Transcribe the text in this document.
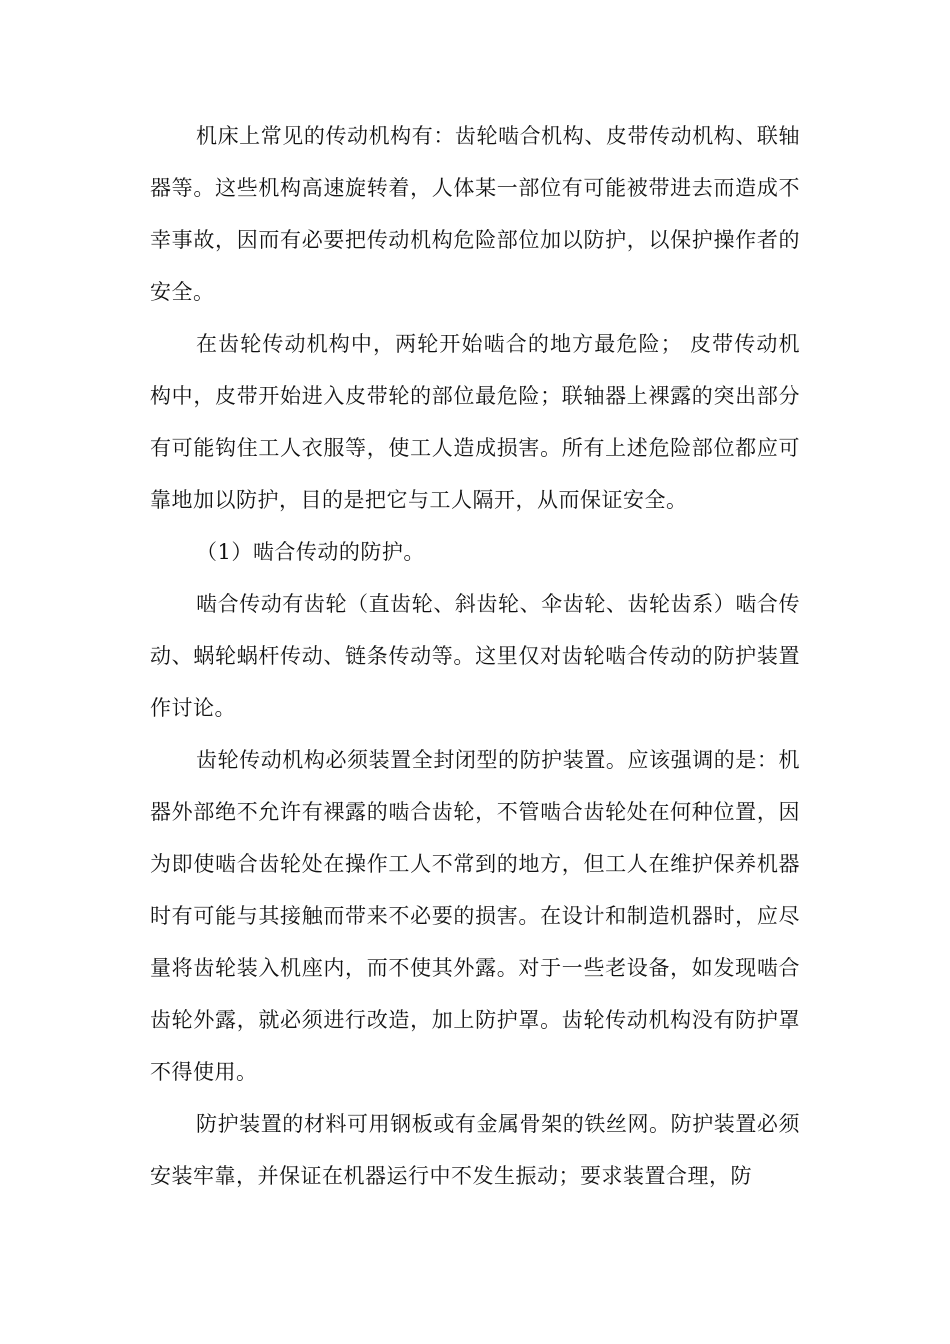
机床上常见的传动机构有：齿轮啮合机构、皮带传动机构、联轴器等。这些机构高速旋转着，人体某一部位有可能被带进去而造成不幸事故，因而有必要把传动机构危险部位加以防护，以保护操作者的安全。

在齿轮传动机构中，两轮开始啮合的地方最危险； 皮带传动机构中，皮带开始进入皮带轮的部位最危险；联轴器上裸露的突出部分有可能钩住工人衣服等，使工人造成损害。所有上述危险部位都应可靠地加以防护，目的是把它与工人隔开，从而保证安全。

（1）啮合传动的防护。

啮合传动有齿轮（直齿轮、斜齿轮、伞齿轮、齿轮齿系）啮合传动、蜗轮蜗杆传动、链条传动等。这里仅对齿轮啮合传动的防护装置作讨论。

齿轮传动机构必须装置全封闭型的防护装置。应该强调的是：机器外部绝不允许有裸露的啮合齿轮，不管啮合齿轮处在何种位置，因为即使啮合齿轮处在操作工人不常到的地方，但工人在维护保养机器时有可能与其接触而带来不必要的损害。在设计和制造机器时，应尽量将齿轮装入机座内，而不使其外露。对于一些老设备，如发现啮合齿轮外露，就必须进行改造，加上防护罩。齿轮传动机构没有防护罩不得使用。

防护装置的材料可用钢板或有金属骨架的铁丝网。防护装置必须安装牢靠，并保证在机器运行中不发生振动；要求装置合理，防
